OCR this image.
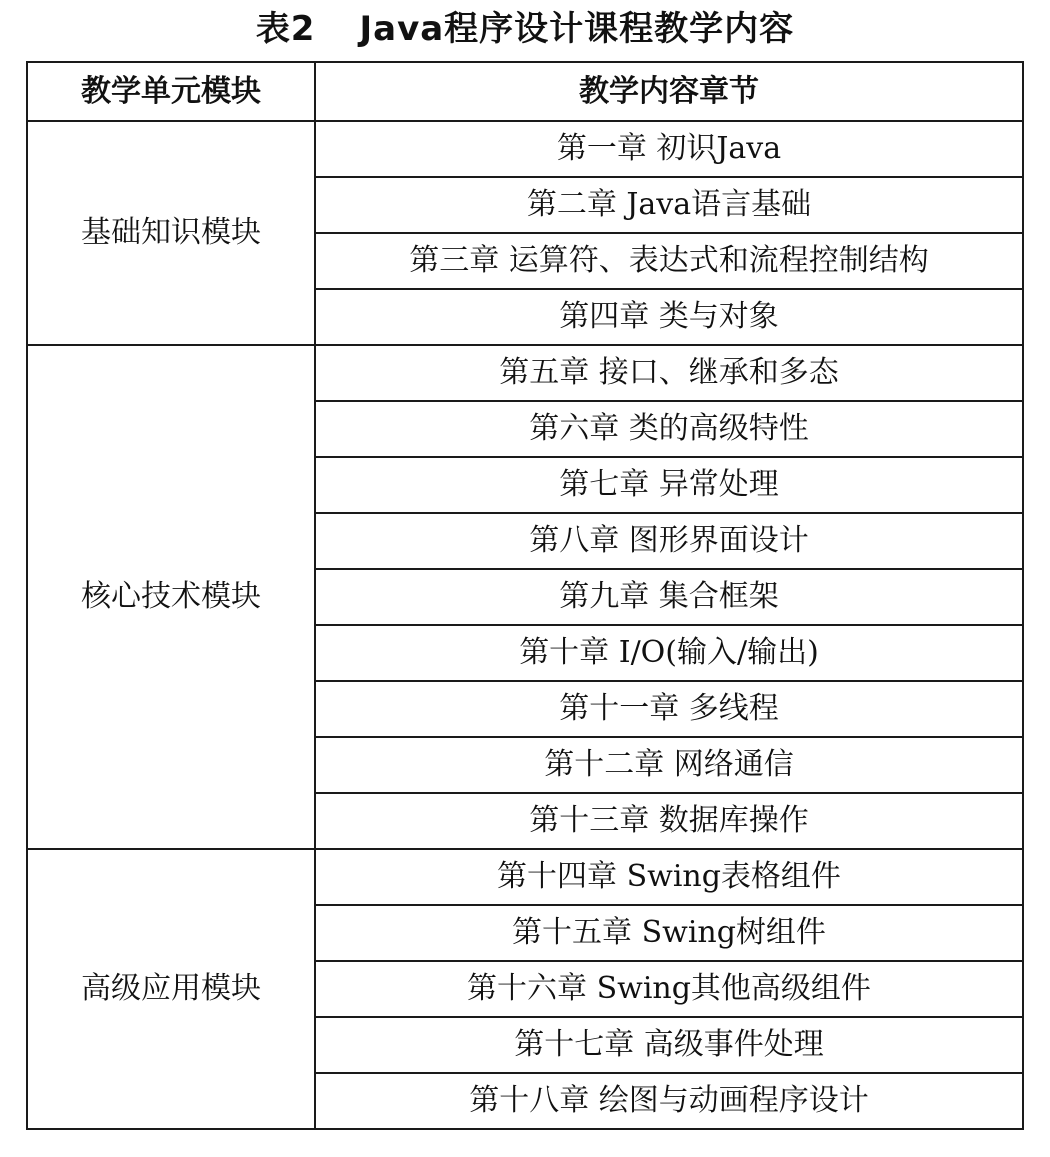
表2 Java程序设计课程教学内容
教学单元模块	教学内容章节
基础知识模块	第一章 初识Java
	第二章 Java语言基础
	第三章 运算符、表达式和流程控制结构
	第四章 类与对象
核心技术模块	第五章 接口、继承和多态
	第六章 类的高级特性
	第七章 异常处理
	第八章 图形界面设计
	第九章 集合框架
	第十章 I/O(输入/输出)
	第十一章 多线程
	第十二章 网络通信
	第十三章 数据库操作
高级应用模块	第十四章 Swing表格组件
	第十五章 Swing树组件
	第十六章 Swing其他高级组件
	第十七章 高级事件处理
	第十八章 绘图与动画程序设计
